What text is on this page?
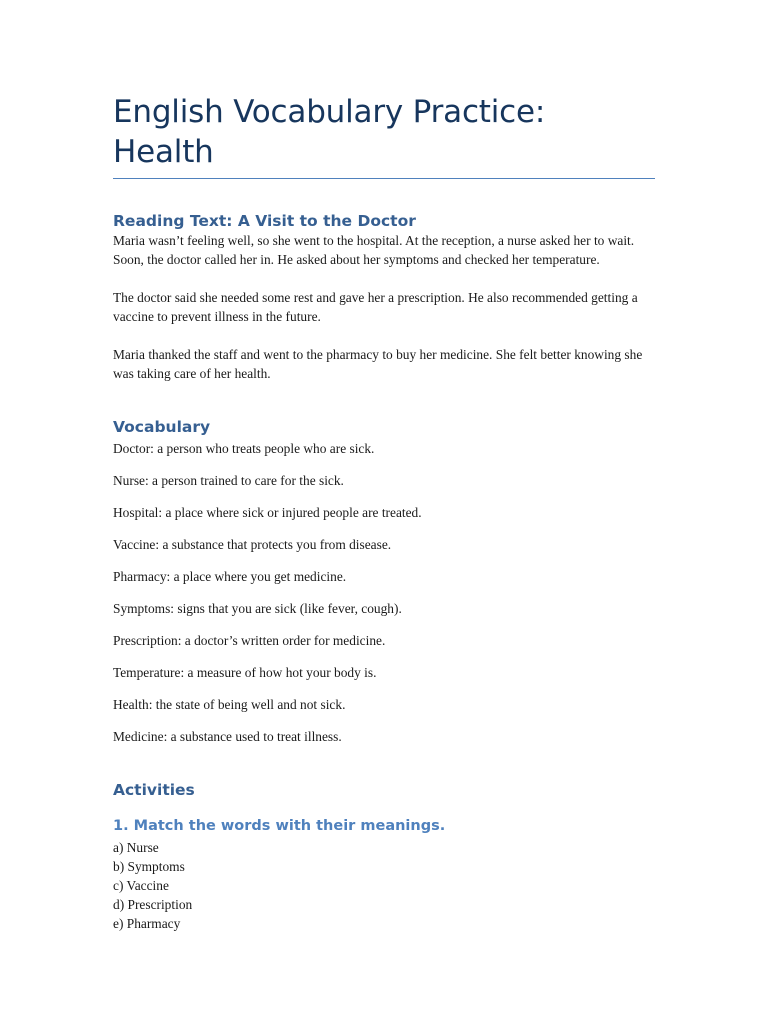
English Vocabulary Practice: Health
Reading Text: A Visit to the Doctor

Maria wasn’t feeling well, so she went to the hospital. At the reception, a nurse asked her to wait. Soon, the doctor called her in. He asked about her symptoms and checked her temperature.

The doctor said she needed some rest and gave her a prescription. He also recommended getting a vaccine to prevent illness in the future.

Maria thanked the staff and went to the pharmacy to buy her medicine. She felt better knowing she was taking care of her health.

Vocabulary

Doctor: a person who treats people who are sick.

Nurse: a person trained to care for the sick.

Hospital: a place where sick or injured people are treated.

Vaccine: a substance that protects you from disease.

Pharmacy: a place where you get medicine.

Symptoms: signs that you are sick (like fever, cough).

Prescription: a doctor’s written order for medicine.

Temperature: a measure of how hot your body is.

Health: the state of being well and not sick.

Medicine: a substance used to treat illness.

Activities
1. Match the words with their meanings.

a) Nurse

b) Symptoms

c) Vaccine

d) Prescription

e) Pharmacy
